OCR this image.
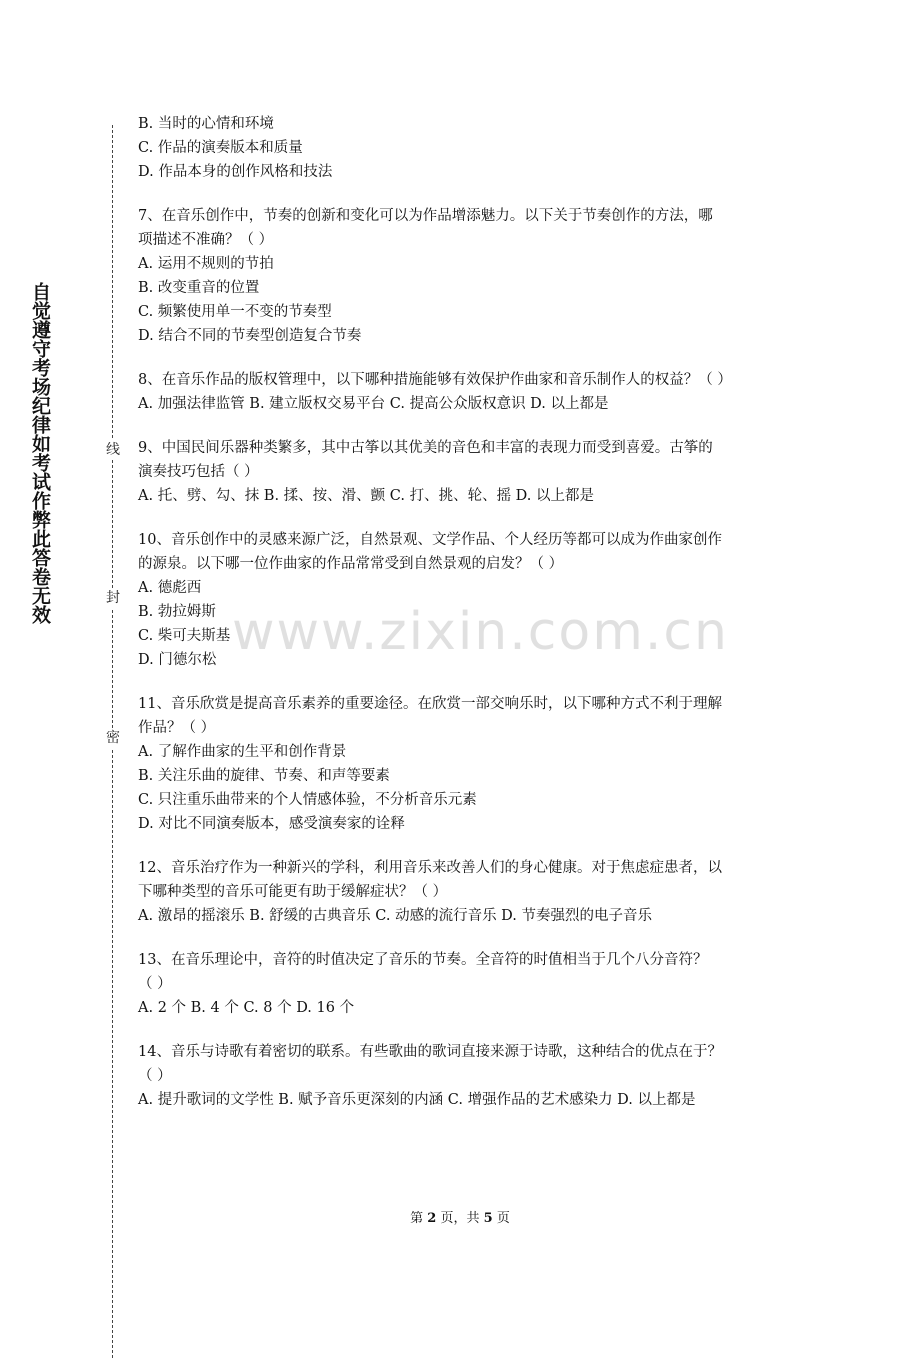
自觉遵守考场纪律如考试作弊此答卷无效	线
封
密
B. 当时的心情和环境
C. 作品的演奏版本和质量
D. 作品本身的创作风格和技法
7、在音乐创作中，节奏的创新和变化可以为作品增添魅力。以下关于节奏创作的方法，哪
项描述不准确？（ ）
A. 运用不规则的节拍
B. 改变重音的位置
C. 频繁使用单一不变的节奏型
D. 结合不同的节奏型创造复合节奏
8、在音乐作品的版权管理中，以下哪种措施能够有效保护作曲家和音乐制作人的权益？（ ）
A. 加强法律监管 B. 建立版权交易平台 C. 提高公众版权意识 D. 以上都是
9、中国民间乐器种类繁多，其中古筝以其优美的音色和丰富的表现力而受到喜爱。古筝的
演奏技巧包括（ ）
A. 托、劈、勾、抹 B. 揉、按、滑、颤 C. 打、挑、轮、摇 D. 以上都是
10、音乐创作中的灵感来源广泛，自然景观、文学作品、个人经历等都可以成为作曲家创作
的源泉。以下哪一位作曲家的作品常常受到自然景观的启发？（ ）
A. 德彪西
B. 勃拉姆斯
C. 柴可夫斯基
D. 门德尔松
11、音乐欣赏是提高音乐素养的重要途径。在欣赏一部交响乐时，以下哪种方式不利于理解
作品？（ ）
A. 了解作曲家的生平和创作背景
B. 关注乐曲的旋律、节奏、和声等要素
C. 只注重乐曲带来的个人情感体验，不分析音乐元素
D. 对比不同演奏版本，感受演奏家的诠释
12、音乐治疗作为一种新兴的学科，利用音乐来改善人们的身心健康。对于焦虑症患者，以
下哪种类型的音乐可能更有助于缓解症状？（ ）
A. 激昂的摇滚乐 B. 舒缓的古典音乐 C. 动感的流行音乐 D. 节奏强烈的电子音乐
13、在音乐理论中，音符的时值决定了音乐的节奏。全音符的时值相当于几个八分音符？
（ ）
A. 2 个 B. 4 个 C. 8 个 D. 16 个
14、音乐与诗歌有着密切的联系。有些歌曲的歌词直接来源于诗歌，这种结合的优点在于？
（ ）
A. 提升歌词的文学性 B. 赋予音乐更深刻的内涵 C. 增强作品的艺术感染力 D. 以上都是
www.zixin.com.cn
第 2 页，共 5 页
